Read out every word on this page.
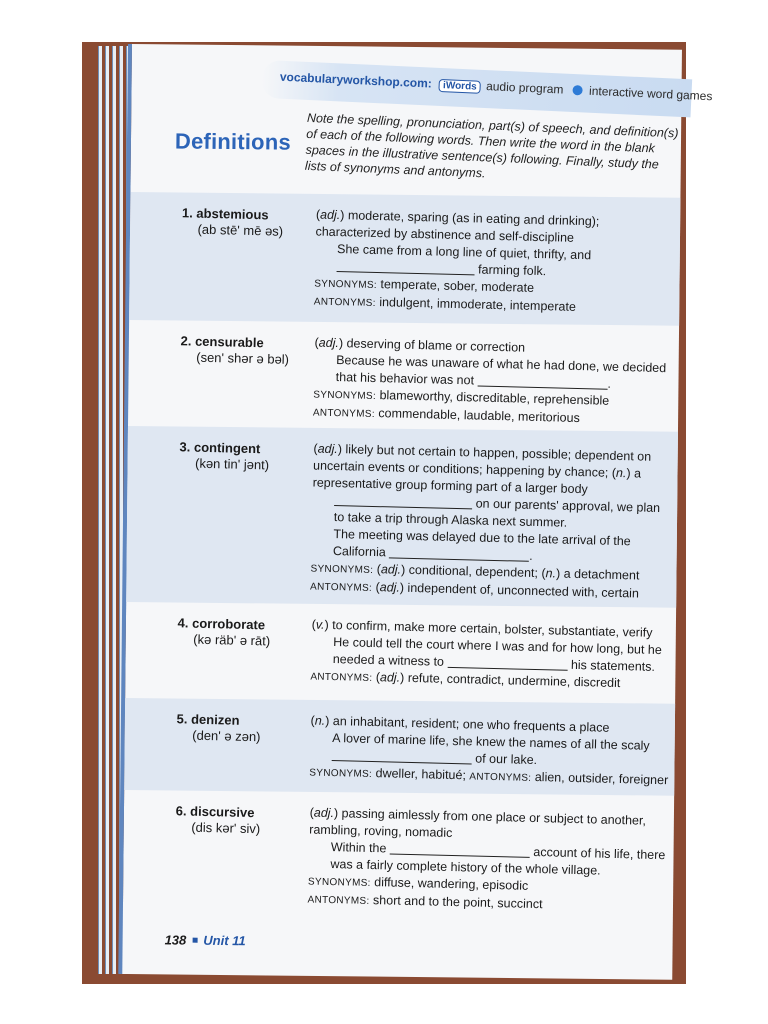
vocabularyworkshop.com: iWords audio program interactive word games
Definitions
Note the spelling, pronunciation, part(s) of speech, and definition(s) of each of the following words. Then write the word in the blank spaces in the illustrative sentence(s) following. Finally, study the lists of synonyms and antonyms.
1. abstemious
(ab stē' mē əs)
(adj.) moderate, sparing (as in eating and drinking); characterized by abstinence and self-discipline
She came from a long line of quiet, thrifty, and
farming folk.
SYNONYMS: temperate, sober, moderate
ANTONYMS: indulgent, immoderate, intemperate
2. censurable
(sen' shər ə bəl)
(adj.) deserving of blame or correction
Because he was unaware of what he had done, we decided that his behavior was not	.
SYNONYMS: blameworthy, discreditable, reprehensible
ANTONYMS: commendable, laudable, meritorious
3. contingent
(kən tin' jənt)
(adj.) likely but not certain to happen, possible; dependent on uncertain events or conditions; happening by chance; (n.) a representative group forming part of a larger body
on our parents' approval, we plan to take a trip through Alaska next summer.
The meeting was delayed due to the late arrival of the California	.
SYNONYMS: (adj.) conditional, dependent; (n.) a detachment
ANTONYMS: (adj.) independent of, unconnected with, certain
4. corroborate
(kə räb' ə rāt)
(v.) to confirm, make more certain, bolster, substantiate, verify
He could tell the court where I was and for how long, but he needed a witness to	his statements.
ANTONYMS: (adj.) refute, contradict, undermine, discredit
5. denizen
(den' ə zən)
(n.) an inhabitant, resident; one who frequents a place
A lover of marine life, she knew the names of all the scaly
of our lake.
SYNONYMS: dweller, habitué; ANTONYMS: alien, outsider, foreigner
6. discursive
(dis kər' siv)
(adj.) passing aimlessly from one place or subject to another, rambling, roving, nomadic
Within the	account of his life, there was a fairly complete history of the whole village.
SYNONYMS: diffuse, wandering, episodic
ANTONYMS: short and to the point, succinct
138 Unit 11
